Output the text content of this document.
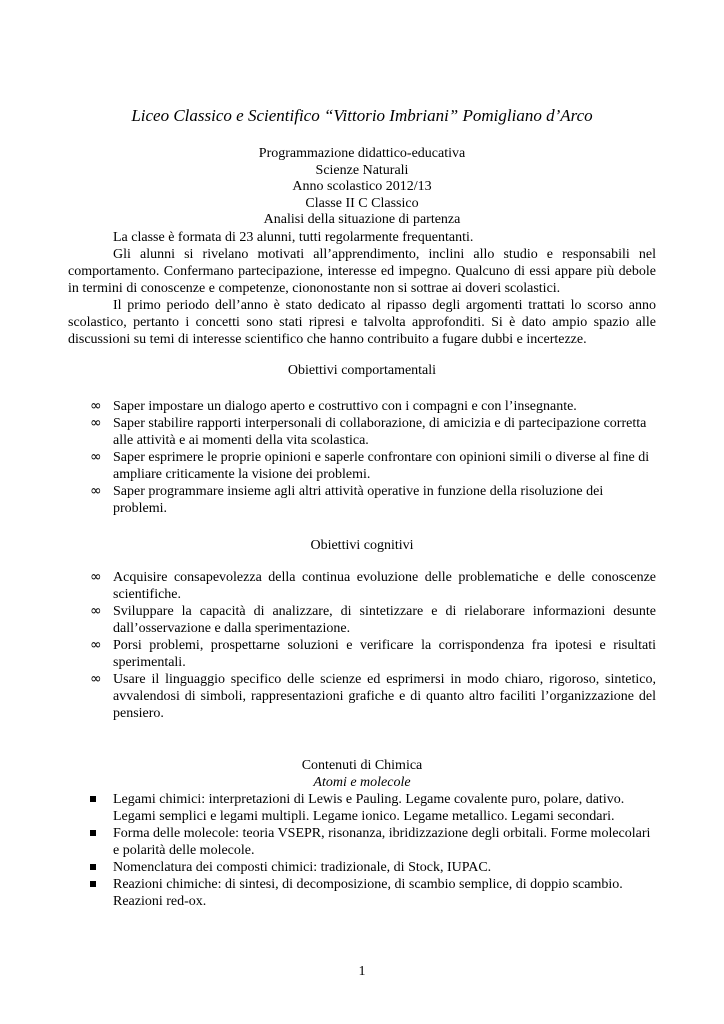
Liceo Classico e Scientifico “Vittorio Imbriani” Pomigliano d’Arco
Programmazione didattico-educativa
Scienze Naturali
Anno scolastico 2012/13
Classe II C Classico
Analisi della situazione di partenza

La classe è formata di 23 alunni, tutti regolarmente frequentanti.

Gli alunni si rivelano motivati all’apprendimento, inclini allo studio e responsabili nel comportamento. Confermano partecipazione, interesse ed impegno. Qualcuno di essi appare più debole in termini di conoscenze e competenze, ciononostante non si sottrae ai doveri scolastici.

Il primo periodo dell’anno è stato dedicato al ripasso degli argomenti trattati lo scorso anno scolastico, pertanto i concetti sono stati ripresi e talvolta approfonditi. Si è dato ampio spazio alle discussioni su temi di interesse scientifico che hanno contribuito a fugare dubbi e incertezze.

Obiettivi comportamentali
∞ Saper impostare un dialogo aperto e costruttivo con i compagni e con l’insegnante.
∞ Saper stabilire rapporti interpersonali di collaborazione, di amicizia e di partecipazione corretta alle attività e ai momenti della vita scolastica.
∞ Saper esprimere le proprie opinioni e saperle confrontare con opinioni simili o diverse al fine di ampliare criticamente la visione dei problemi.
∞ Saper programmare insieme agli altri attività operative in funzione della risoluzione dei problemi.
Obiettivi cognitivi
∞ Acquisire consapevolezza della continua evoluzione delle problematiche e delle conoscenze scientifiche.
∞ Sviluppare la capacità di analizzare, di sintetizzare e di rielaborare informazioni desunte dall’osservazione e dalla sperimentazione.
∞ Porsi problemi, prospettarne soluzioni e verificare la corrispondenza fra ipotesi e risultati sperimentali.
∞ Usare il linguaggio specifico delle scienze ed esprimersi in modo chiaro, rigoroso, sintetico, avvalendosi di simboli, rappresentazioni grafiche e di quanto altro faciliti l’organizzazione del pensiero.
Contenuti di Chimica
Atomi e molecole
Legami chimici: interpretazioni di Lewis e Pauling. Legame covalente puro, polare, dativo. Legami semplici e legami multipli. Legame ionico. Legame metallico. Legami secondari.
Forma delle molecole: teoria VSEPR, risonanza, ibridizzazione degli orbitali. Forme molecolari e polarità delle molecole.
Nomenclatura dei composti chimici: tradizionale, di Stock, IUPAC.
Reazioni chimiche: di sintesi, di decomposizione, di scambio semplice, di doppio scambio. Reazioni red-ox.
1
